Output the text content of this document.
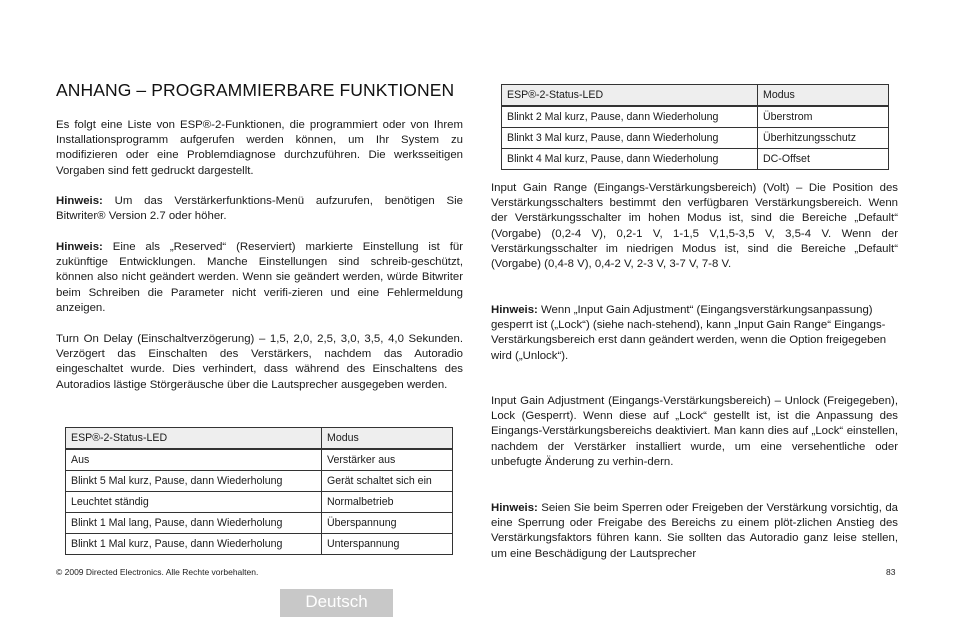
ANHANG – PROGRAMMIERBARE FUNKTIONEN

Es folgt eine Liste von ESP®-2-Funktionen, die programmiert oder von Ihrem Installationsprogramm aufgerufen werden können, um Ihr System zu modifizieren oder eine Problemdiagnose durchzuführen. Die werksseitigen Vorgaben sind fett gedruckt dargestellt.

Hinweis: Um das Verstärkerfunktions-Menü aufzurufen, benötigen Sie Bitwriter® Version 2.7 oder höher.

Hinweis: Eine als „Reserved“ (Reserviert) markierte Einstellung ist für zukünftige Entwicklungen. Manche Einstellungen sind schreib-geschützt, können also nicht geändert werden. Wenn sie geändert werden, würde Bitwriter beim Schreiben die Parameter nicht verifi-zieren und eine Fehlermeldung anzeigen.

Turn On Delay (Einschaltverzögerung) – 1,5, 2,0, 2,5, 3,0, 3,5, 4,0 Sekunden. Verzögert das Einschalten des Verstärkers, nachdem das Autoradio eingeschaltet wurde. Dies verhindert, dass während des Einschaltens des Autoradios lästige Störgeräusche über die Lautsprecher ausgegeben werden.

ESP®-2-Status-LED	Modus
Aus	Verstärker aus
Blinkt 5 Mal kurz, Pause, dann Wiederholung	Gerät schaltet sich ein
Leuchtet ständig	Normalbetrieb
Blinkt 1 Mal lang, Pause, dann Wiederholung	Überspannung
Blinkt 1 Mal kurz, Pause, dann Wiederholung	Unterspannung
ESP®-2-Status-LED	Modus
Blinkt 2 Mal kurz, Pause, dann Wiederholung	Überstrom
Blinkt 3 Mal kurz, Pause, dann Wiederholung	Überhitzungsschutz
Blinkt 4 Mal kurz, Pause, dann Wiederholung	DC-Offset

Input Gain Range (Eingangs-Verstärkungsbereich) (Volt) – Die Position des Verstärkungsschalters bestimmt den verfügbaren Verstärkungsbereich. Wenn der Verstärkungsschalter im hohen Modus ist, sind die Bereiche „Default“ (Vorgabe) (0,2-4 V), 0,2-1 V, 1-1,5 V,1,5-3,5 V, 3,5-4 V. Wenn der Verstärkungsschalter im niedrigen Modus ist, sind die Bereiche „Default“ (Vorgabe) (0,4-8 V), 0,4-2 V, 2-3 V, 3-7 V, 7-8 V.

Hinweis: Wenn „Input Gain Adjustment“ (Eingangsverstärkungsanpassung) gesperrt ist („Lock“) (siehe nach-stehend), kann „Input Gain Range“ Eingangs-Verstärkungsbereich erst dann geändert werden, wenn die Option freigegeben wird („Unlock“).

Input Gain Adjustment (Eingangs-Verstärkungsbereich) – Unlock (Freigegeben), Lock (Gesperrt). Wenn diese auf „Lock“ gestellt ist, ist die Anpassung des Eingangs-Verstärkungsbereichs deaktiviert. Man kann dies auf „Lock“ einstellen, nachdem der Verstärker installiert wurde, um eine versehentliche oder unbefugte Änderung zu verhin-dern.

Hinweis: Seien Sie beim Sperren oder Freigeben der Verstärkung vorsichtig, da eine Sperrung oder Freigabe des Bereichs zu einem plöt-zlichen Anstieg des Verstärkungsfaktors führen kann. Sie sollten das Autoradio ganz leise stellen, um eine Beschädigung der Lautsprecher

© 2009 Directed Electronics. Alle Rechte vorbehalten.	83
Deutsch
